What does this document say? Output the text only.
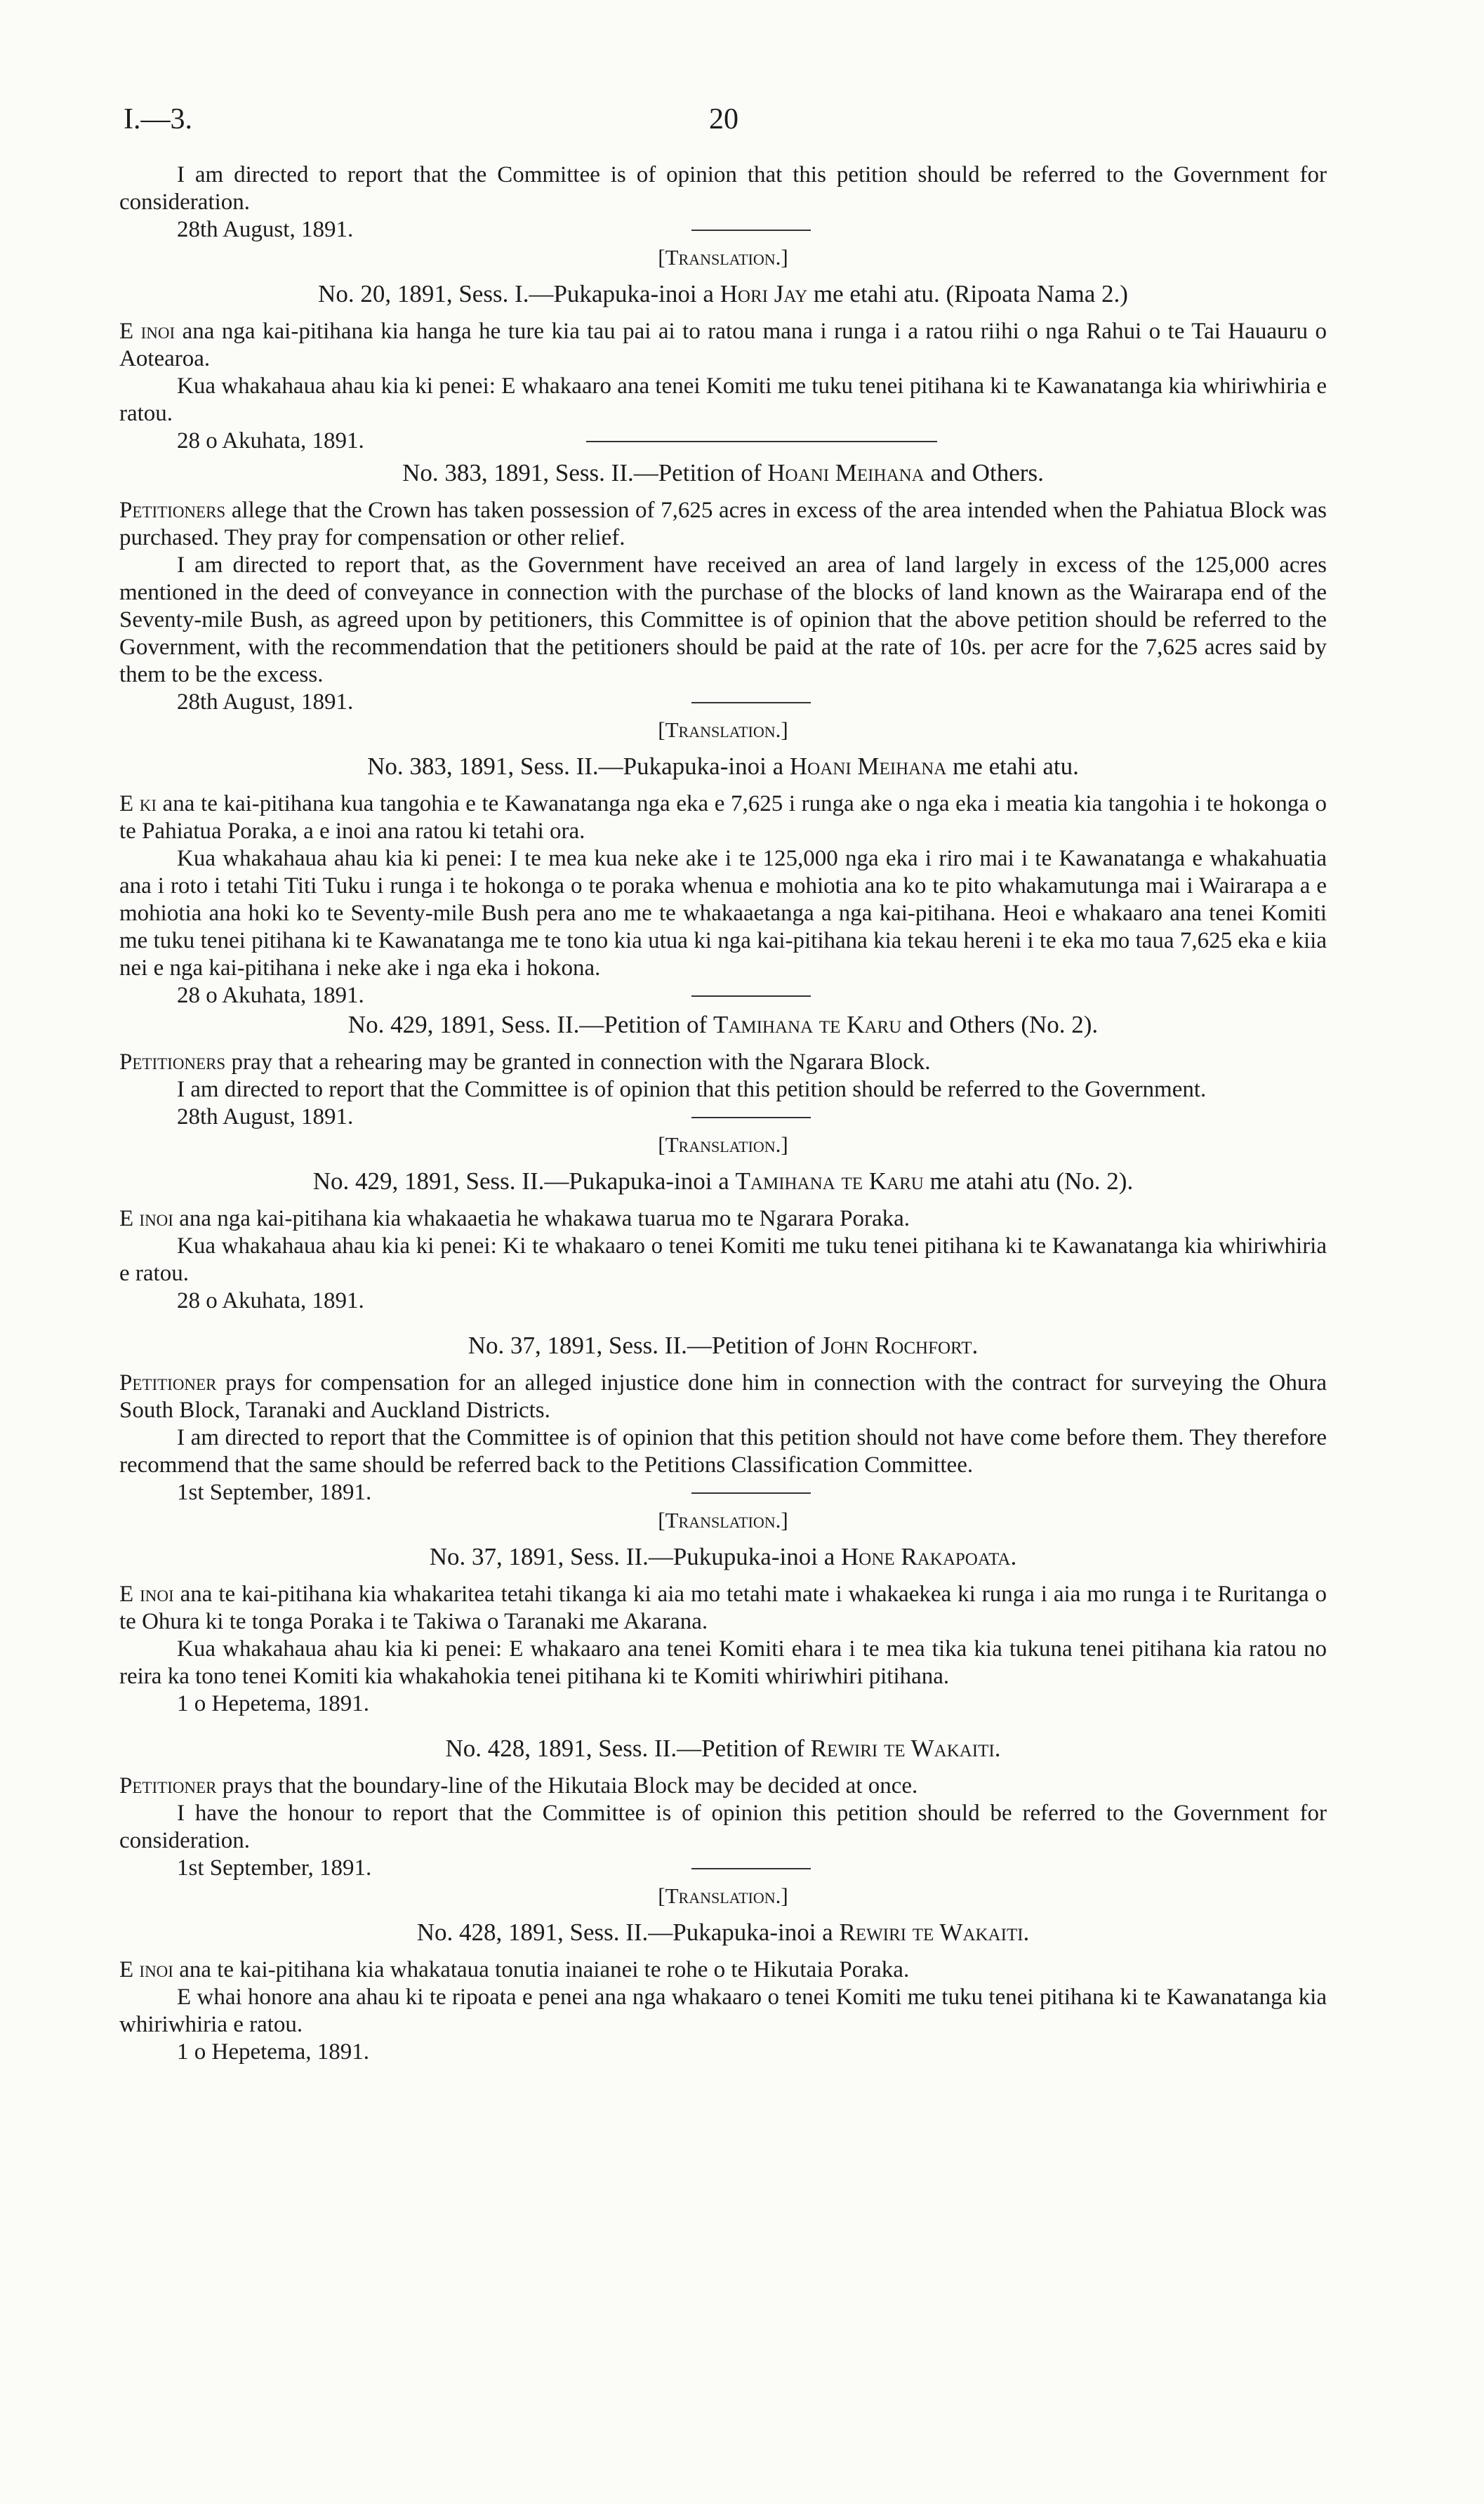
I.—3.	20

I am directed to report that the Committee is of opinion that this petition should be referred to the Government for consideration.

28th August, 1891.

[Translation.]
No. 20, 1891, Sess. I.—Pukapuka-inoi a Hori Jay me etahi atu. (Ripoata Nama 2.)

E inoi ana nga kai-pitihana kia hanga he ture kia tau pai ai to ratou mana i runga i a ratou riihi o nga Rahui o te Tai Hauauru o Aotearoa.

Kua whakahaua ahau kia ki penei: E whakaaro ana tenei Komiti me tuku tenei pitihana ki te Kawanatanga kia whiriwhiria e ratou.

28 o Akuhata, 1891.

No. 383, 1891, Sess. II.—Petition of Hoani Meihana and Others.

Petitioners allege that the Crown has taken possession of 7,625 acres in excess of the area intended when the Pahiatua Block was purchased. They pray for compensation or other relief.

I am directed to report that, as the Government have received an area of land largely in excess of the 125,000 acres mentioned in the deed of conveyance in connection with the purchase of the blocks of land known as the Wairarapa end of the Seventy-mile Bush, as agreed upon by petitioners, this Committee is of opinion that the above petition should be referred to the Government, with the recommendation that the petitioners should be paid at the rate of 10s. per acre for the 7,625 acres said by them to be the excess.

28th August, 1891.

[Translation.]
No. 383, 1891, Sess. II.—Pukapuka-inoi a Hoani Meihana me etahi atu.

E ki ana te kai-pitihana kua tangohia e te Kawanatanga nga eka e 7,625 i runga ake o nga eka i meatia kia tangohia i te hokonga o te Pahiatua Poraka, a e inoi ana ratou ki tetahi ora.

Kua whakahaua ahau kia ki penei: I te mea kua neke ake i te 125,000 nga eka i riro mai i te Kawanatanga e whakahuatia ana i roto i tetahi Titi Tuku i runga i te hokonga o te poraka whenua e mohiotia ana ko te pito whakamutunga mai i Wairarapa a e mohiotia ana hoki ko te Seventy-mile Bush pera ano me te whakaaetanga a nga kai-pitihana. Heoi e whakaaro ana tenei Komiti me tuku tenei pitihana ki te Kawanatanga me te tono kia utua ki nga kai-pitihana kia tekau hereni i te eka mo taua 7,625 eka e kiia nei e nga kai-pitihana i neke ake i nga eka i hokona.

28 o Akuhata, 1891.

No. 429, 1891, Sess. II.—Petition of Tamihana te Karu and Others (No. 2).

Petitioners pray that a rehearing may be granted in connection with the Ngarara Block.

I am directed to report that the Committee is of opinion that this petition should be referred to the Government.

28th August, 1891.

[Translation.]
No. 429, 1891, Sess. II.—Pukapuka-inoi a Tamihana te Karu me atahi atu (No. 2).

E inoi ana nga kai-pitihana kia whakaaetia he whakawa tuarua mo te Ngarara Poraka.

Kua whakahaua ahau kia ki penei: Ki te whakaaro o tenei Komiti me tuku tenei pitihana ki te Kawanatanga kia whiriwhiria e ratou.

28 o Akuhata, 1891.

No. 37, 1891, Sess. II.—Petition of John Rochfort.

Petitioner prays for compensation for an alleged injustice done him in connection with the contract for surveying the Ohura South Block, Taranaki and Auckland Districts.

I am directed to report that the Committee is of opinion that this petition should not have come before them. They therefore recommend that the same should be referred back to the Petitions Classification Committee.

1st September, 1891.

[Translation.]
No. 37, 1891, Sess. II.—Pukupuka-inoi a Hone Rakapoata.

E inoi ana te kai-pitihana kia whakaritea tetahi tikanga ki aia mo tetahi mate i whakaekea ki runga i aia mo runga i te Ruritanga o te Ohura ki te tonga Poraka i te Takiwa o Taranaki me Akarana.

Kua whakahaua ahau kia ki penei: E whakaaro ana tenei Komiti ehara i te mea tika kia tukuna tenei pitihana kia ratou no reira ka tono tenei Komiti kia whakahokia tenei pitihana ki te Komiti whiriwhiri pitihana.

1 o Hepetema, 1891.

No. 428, 1891, Sess. II.—Petition of Rewiri te Wakaiti.

Petitioner prays that the boundary-line of the Hikutaia Block may be decided at once.

I have the honour to report that the Committee is of opinion this petition should be referred to the Government for consideration.

1st September, 1891.

[Translation.]
No. 428, 1891, Sess. II.—Pukapuka-inoi a Rewiri te Wakaiti.

E inoi ana te kai-pitihana kia whakataua tonutia inaianei te rohe o te Hikutaia Poraka.

E whai honore ana ahau ki te ripoata e penei ana nga whakaaro o tenei Komiti me tuku tenei pitihana ki te Kawanatanga kia whiriwhiria e ratou.

1 o Hepetema, 1891.
